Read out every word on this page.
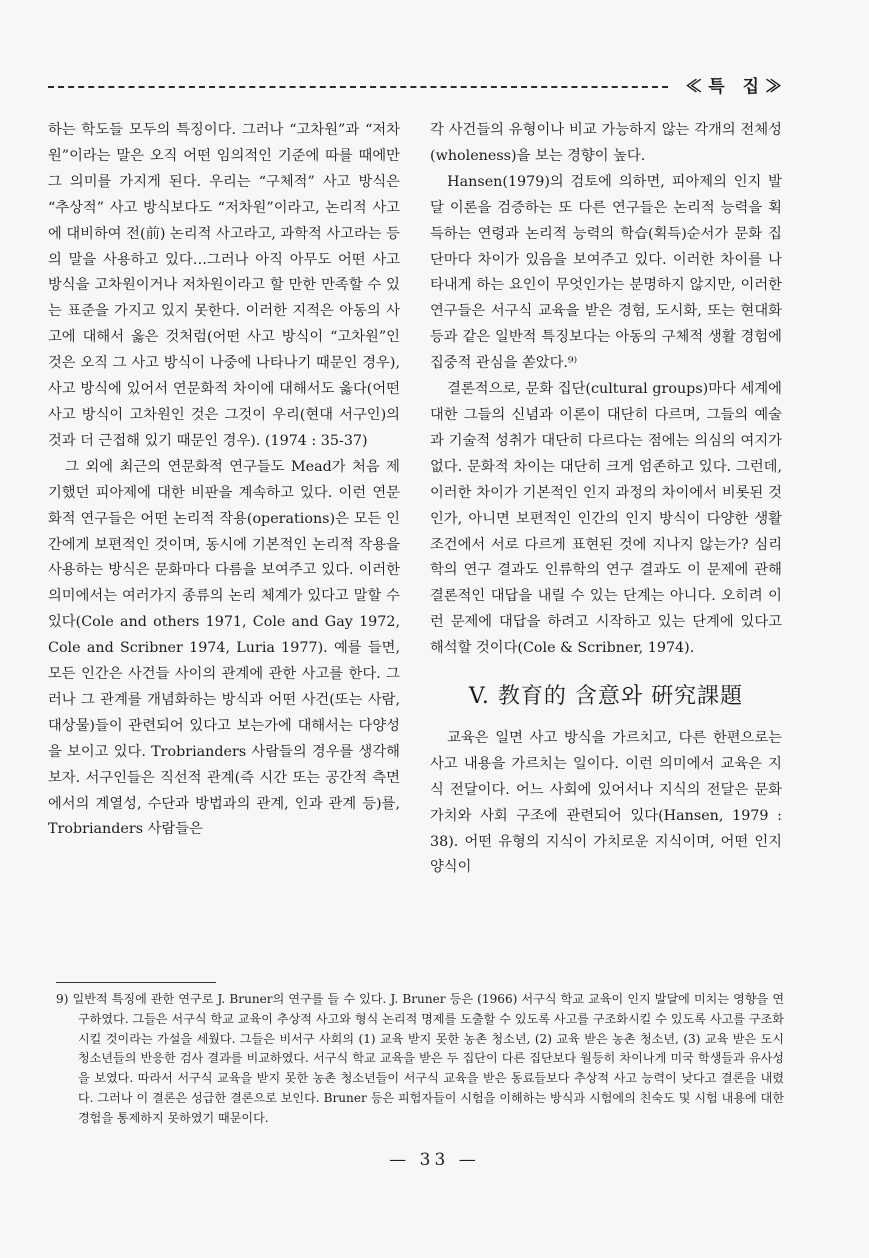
≪특 집≫

하는 학도들 모두의 특징이다. 그러나 “고차원”과 “저차원”이라는 말은 오직 어떤 임의적인 기준에 따를 때에만 그 의미를 가지게 된다. 우리는 “구체적” 사고 방식은 “추상적” 사고 방식보다도 “저차원”이라고, 논리적 사고에 대비하여 전(前) 논리적 사고라고, 과학적 사고라는 등의 말을 사용하고 있다…그러나 아직 아무도 어떤 사고 방식을 고차원이거나 저차원이라고 할 만한 만족할 수 있는 표준을 가지고 있지 못한다. 이러한 지적은 아동의 사고에 대해서 옳은 것처럼(어떤 사고 방식이 “고차원”인 것은 오직 그 사고 방식이 나중에 나타나기 때문인 경우), 사고 방식에 있어서 연문화적 차이에 대해서도 옳다(어떤 사고 방식이 고차원인 것은 그것이 우리(현대 서구인)의 것과 더 근접해 있기 때문인 경우). (1974 : 35-37)

그 외에 최근의 연문화적 연구들도 Mead가 처음 제기했던 피아제에 대한 비판을 계속하고 있다. 이런 연문화적 연구들은 어떤 논리적 작용(operations)은 모든 인간에게 보편적인 것이며, 동시에 기본적인 논리적 작용을 사용하는 방식은 문화마다 다름을 보여주고 있다. 이러한 의미에서는 여러가지 종류의 논리 체계가 있다고 말할 수 있다(Cole and others 1971, Cole and Gay 1972, Cole and Scribner 1974, Luria 1977). 예를 들면, 모든 인간은 사건들 사이의 관계에 관한 사고를 한다. 그러나 그 관계를 개념화하는 방식과 어떤 사건(또는 사람, 대상물)들이 관련되어 있다고 보는가에 대해서는 다양성을 보이고 있다. Trobrianders 사람들의 경우를 생각해 보자. 서구인들은 직선적 관계(즉 시간 또는 공간적 측면에서의 계열성, 수단과 방법과의 관계, 인과 관계 등)를, Trobrianders 사람들은

각 사건들의 유형이나 비교 가능하지 않는 각개의 전체성(wholeness)을 보는 경향이 높다.

Hansen(1979)의 검토에 의하면, 피아제의 인지 발달 이론을 검증하는 또 다른 연구들은 논리적 능력을 획득하는 연령과 논리적 능력의 학습(획득)순서가 문화 집단마다 차이가 있음을 보여주고 있다. 이러한 차이를 나타내게 하는 요인이 무엇인가는 분명하지 않지만, 이러한 연구들은 서구식 교육을 받은 경험, 도시화, 또는 현대화 등과 같은 일반적 특징보다는 아동의 구체적 생활 경험에 집중적 관심을 쏟았다.⁹⁾

결론적으로, 문화 집단(cultural groups)마다 세계에 대한 그들의 신념과 이론이 대단히 다르며, 그들의 예술과 기술적 성취가 대단히 다르다는 점에는 의심의 여지가 없다. 문화적 차이는 대단히 크게 엄존하고 있다. 그런데, 이러한 차이가 기본적인 인지 과정의 차이에서 비롯된 것인가, 아니면 보편적인 인간의 인지 방식이 다양한 생활 조건에서 서로 다르게 표현된 것에 지나지 않는가? 심리학의 연구 결과도 인류학의 연구 결과도 이 문제에 관해 결론적인 대답을 내릴 수 있는 단계는 아니다. 오히려 이런 문제에 대답을 하려고 시작하고 있는 단계에 있다고 해석할 것이다(Cole & Scribner, 1974).

V. 教育的 含意와 硏究課題

교육은 일면 사고 방식을 가르치고, 다른 한편으로는 사고 내용을 가르치는 일이다. 이런 의미에서 교육은 지식 전달이다. 어느 사회에 있어서나 지식의 전달은 문화 가치와 사회 구조에 관련되어 있다(Hansen, 1979 : 38). 어떤 유형의 지식이 가치로운 지식이며, 어떤 인지 양식이

9) 일반적 특징에 관한 연구로 J. Bruner의 연구를 들 수 있다. J. Bruner 등은 (1966) 서구식 학교 교육이 인지 발달에 미치는 영향을 연구하였다. 그들은 서구식 학교 교육이 추상적 사고와 형식 논리적 명제를 도출할 수 있도록 사고를 구조화시킬 수 있도록 사고를 구조화시킬 것이라는 가설을 세웠다. 그들은 비서구 사회의 (1) 교육 받지 못한 농촌 청소년, (2) 교육 받은 농촌 청소년, (3) 교육 받은 도시 청소년들의 반응한 검사 결과를 비교하였다. 서구식 학교 교육을 받은 두 집단이 다른 집단보다 월등히 차이나게 미국 학생들과 유사성을 보였다. 따라서 서구식 교육을 받지 못한 농촌 청소년들이 서구식 교육을 받은 동료들보다 추상적 사고 능력이 낮다고 결론을 내렸다. 그러나 이 결론은 성급한 결론으로 보인다. Bruner 등은 피험자들이 시험을 이해하는 방식과 시험에의 친숙도 및 시험 내용에 대한 경험을 통제하지 못하였기 때문이다.

— 33 —
